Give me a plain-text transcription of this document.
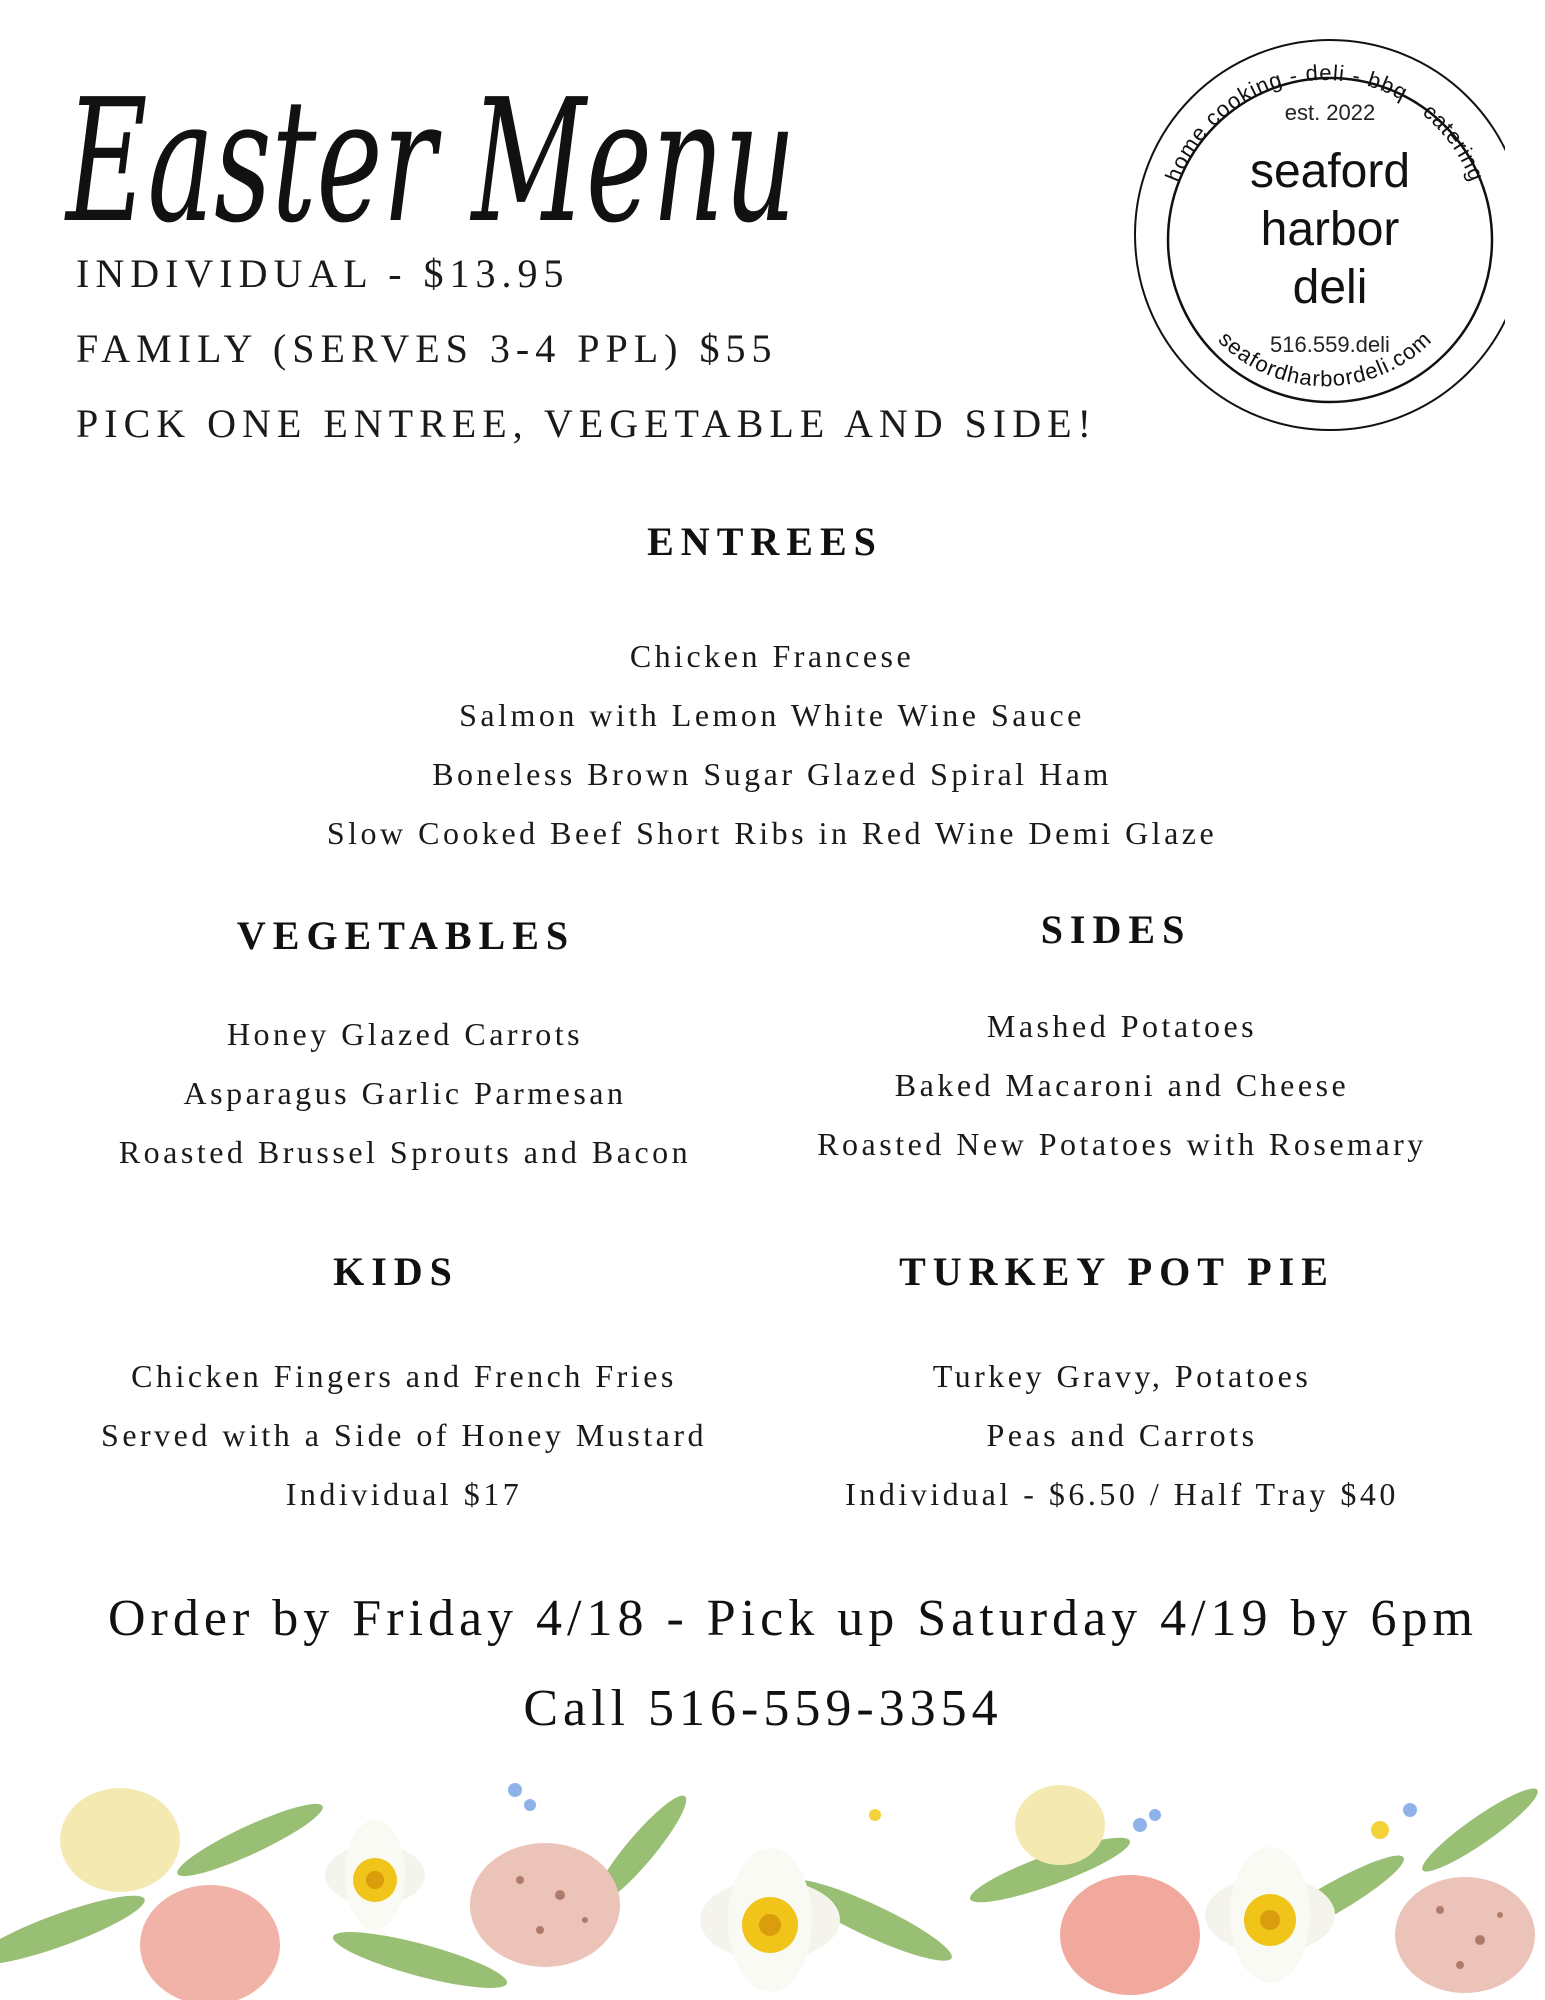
Easter Menu
INDIVIDUAL - $13.95
FAMILY (SERVES 3-4 PPL) $55
PICK ONE ENTREE, VEGETABLE AND SIDE!
home cooking - deli - bbq - catering
seafordharbordeli.com
est. 2022
seaford
harbor
deli
516.559.deli
ENTREES
Chicken Francese
Salmon with Lemon White Wine Sauce
Boneless Brown Sugar Glazed Spiral Ham
Slow Cooked Beef Short Ribs in Red Wine Demi Glaze
VEGETABLES
Honey Glazed Carrots
Asparagus Garlic Parmesan
Roasted Brussel Sprouts and Bacon
SIDES
Mashed Potatoes
Baked Macaroni and Cheese
Roasted New Potatoes with Rosemary
KIDS
Chicken Fingers and French Fries
Served with a Side of Honey Mustard
Individual $17
TURKEY POT PIE
Turkey Gravy, Potatoes
Peas and Carrots
Individual - $6.50 / Half Tray $40
Order by Friday 4/18 - Pick up Saturday 4/19 by 6pm
Call 516-559-3354
